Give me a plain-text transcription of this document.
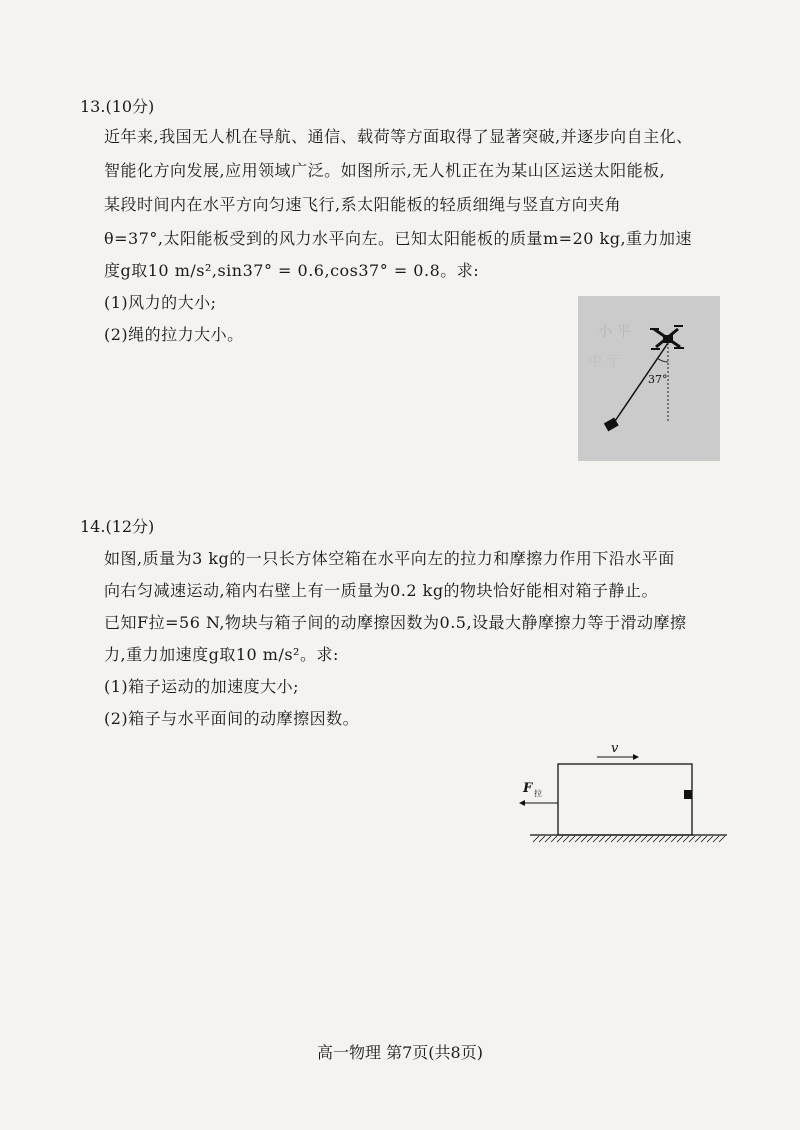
13.(10分)
近年来,我国无人机在导航、通信、载荷等方面取得了显著突破,并逐步向自主化、
智能化方向发展,应用领域广泛。如图所示,无人机正在为某山区运送太阳能板,
某段时间内在水平方向匀速飞行,系太阳能板的轻质细绳与竖直方向夹角
θ=37°,太阳能板受到的风力水平向左。已知太阳能板的质量m=20 kg,重力加速
度g取10 m/s²,sin37° = 0.6,cos37° = 0.8。求:
(1)风力的大小;
(2)绳的拉力大小。	小 平
中 亍
37°
14.(12分)
如图,质量为3 kg的一只长方体空箱在水平向左的拉力和摩擦力作用下沿水平面
向右匀减速运动,箱内右壁上有一质量为0.2 kg的物块恰好能相对箱子静止。
已知F拉=56 N,物块与箱子间的动摩擦因数为0.5,设最大静摩擦力等于滑动摩擦
力,重力加速度g取10 m/s²。求:
(1)箱子运动的加速度大小;
(2)箱子与水平面间的动摩擦因数。
v
F 拉
高一物理 第7页(共8页)
